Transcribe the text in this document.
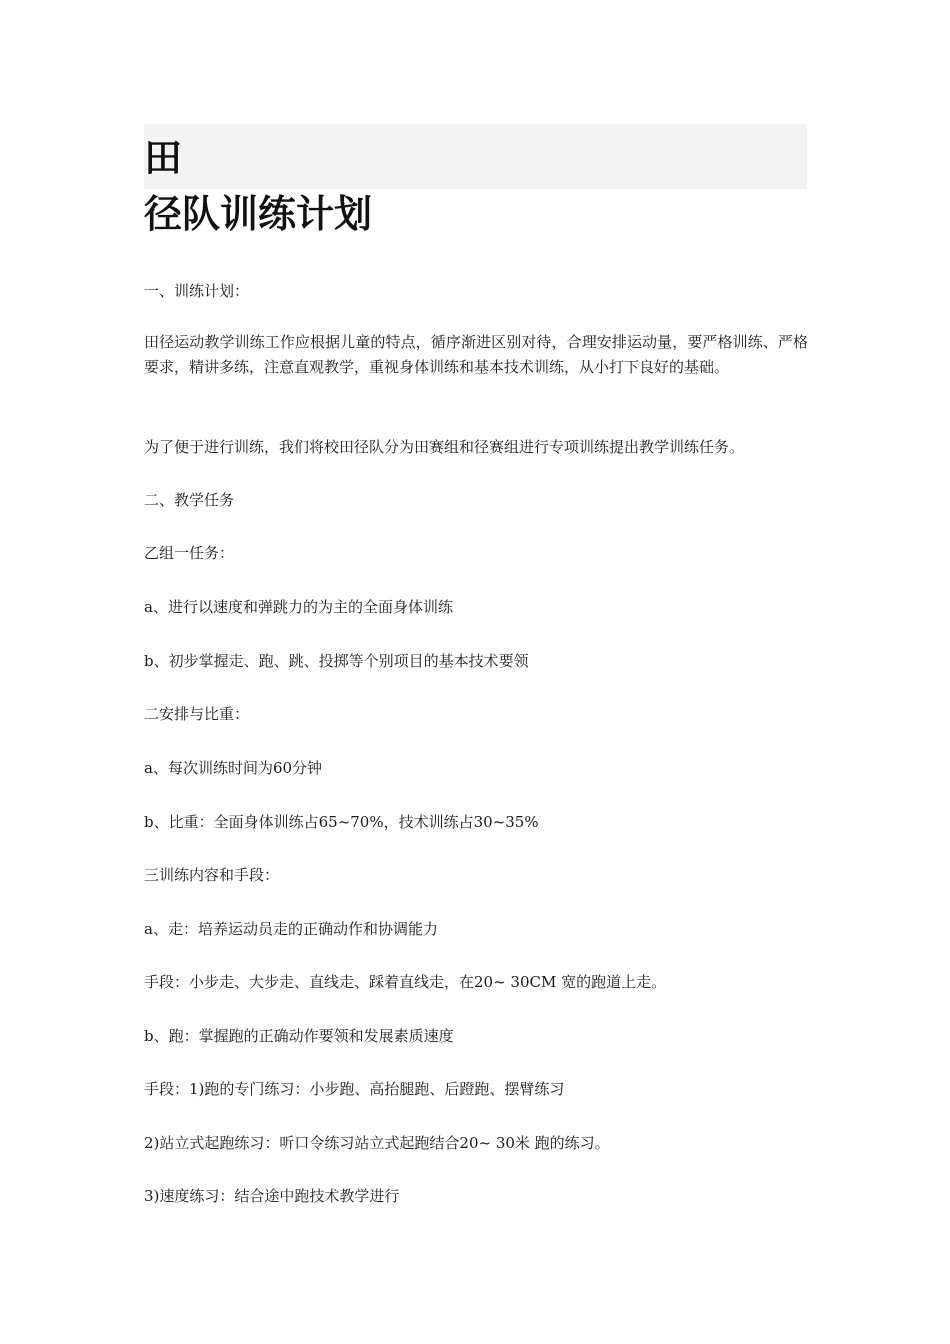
田
径队训练计划
一、训练计划：
田径运动教学训练工作应根据儿童的特点，循序渐进区别对待，合理安排运动量，要严格训练、严格要求，精讲多练，注意直观教学，重视身体训练和基本技术训练，从小打下良好的基础。
为了便于进行训练，我们将校田径队分为田赛组和径赛组进行专项训练提出教学训练任务。
二、教学任务
乙组一任务：
a、进行以速度和弹跳力的为主的全面身体训练
b、初步掌握走、跑、跳、投掷等个别项目的基本技术要领
二安排与比重：
a、每次训练时间为60分钟
b、比重：全面身体训练占65~70%，技术训练占30~35%
三训练内容和手段：
a、走：培养运动员走的正确动作和协调能力
手段：小步走、大步走、直线走、踩着直线走，在20~ 30CM 宽的跑道上走。
b、跑：掌握跑的正确动作要领和发展素质速度
手段：1)跑的专门练习：小步跑、高抬腿跑、后蹬跑、摆臂练习
2)站立式起跑练习：听口令练习站立式起跑结合20~ 30米 跑的练习。
3)速度练习：结合途中跑技术教学进行
